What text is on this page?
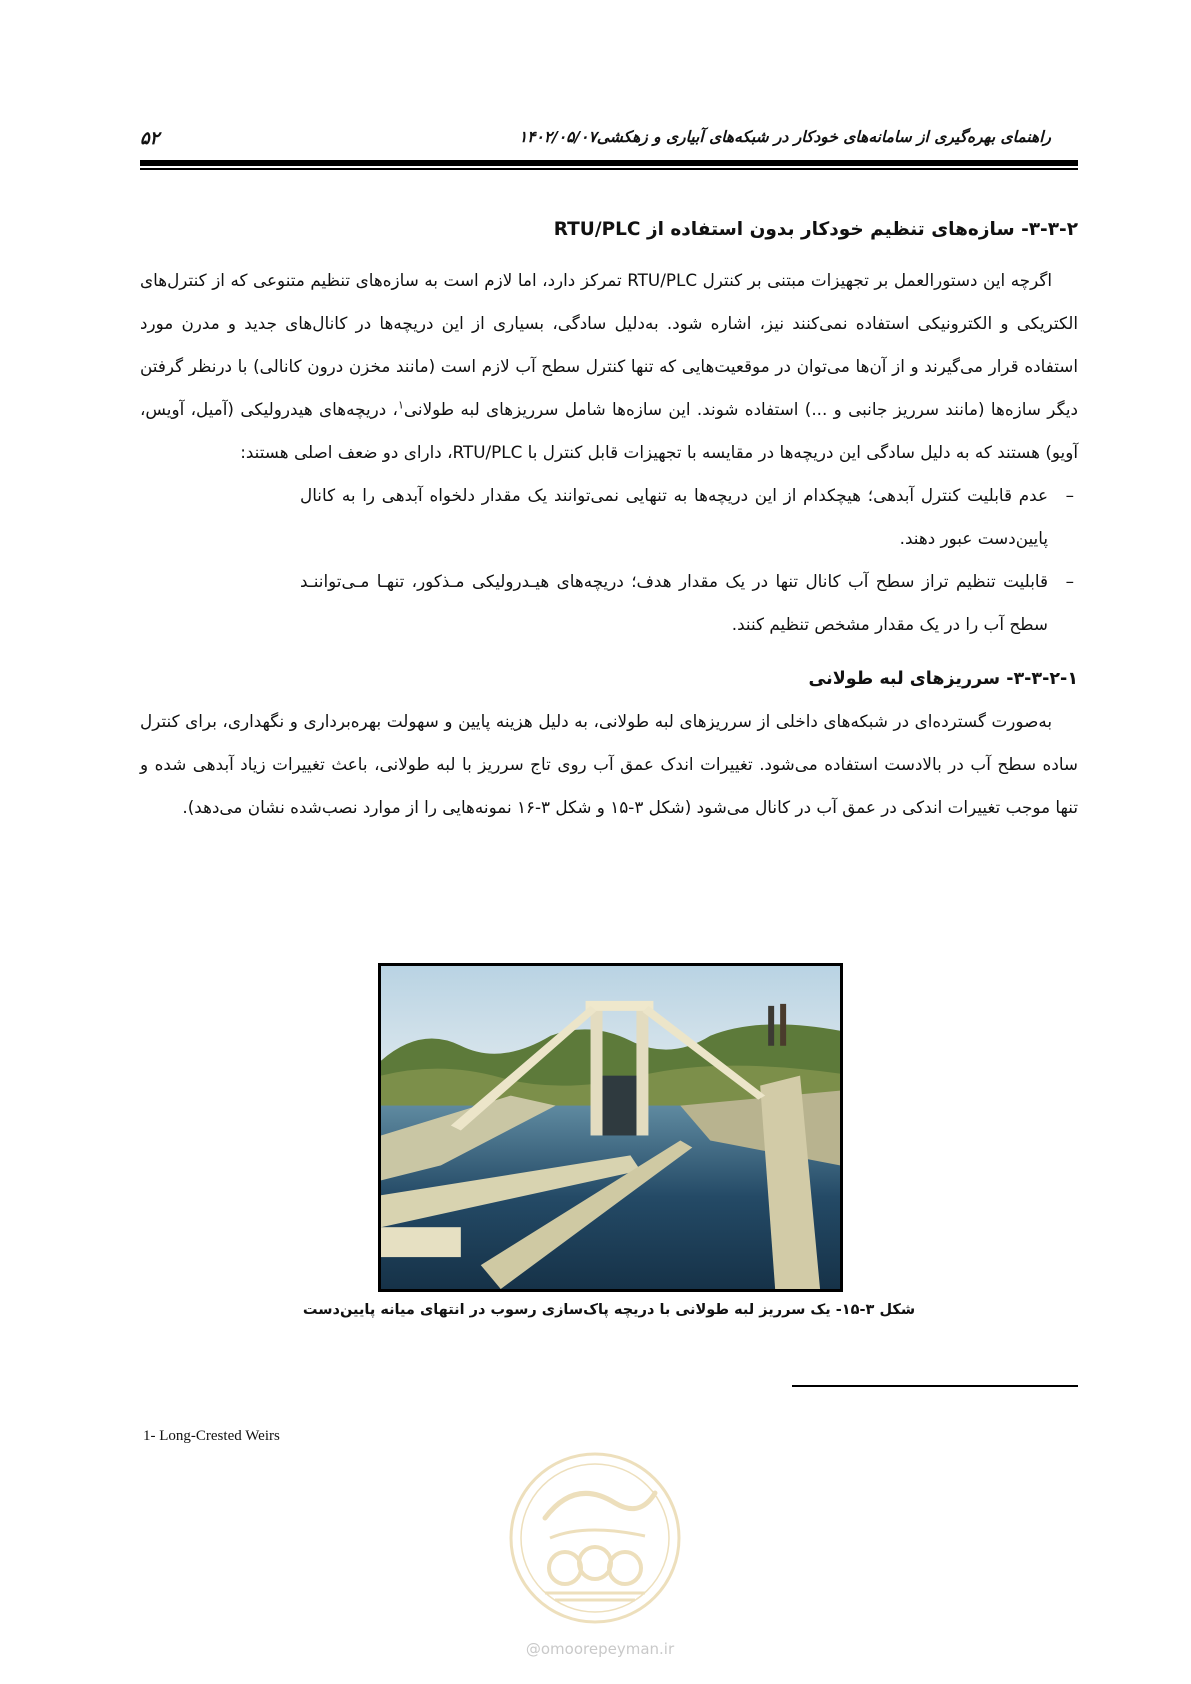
۵۲	راهنمای بهره‌گیری از سامانه‌های خودکار در شبکه‌های آبیاری و زهکشی۱۴۰۲/۰۵/۰۷
۳-۳-۲- سازه‌های تنظیم خودکار بدون استفاده از RTU/PLC

اگرچه این دستورالعمل بر تجهیزات مبتنی بر کنترل RTU/PLC تمرکز دارد، اما لازم است به سازه‌های تنظیم متنوعی که از کنترل‌های الکتریکی و الکترونیکی استفاده نمی‌کنند نیز، اشاره شود. به‌دلیل سادگی، بسیاری از این دریچه‌ها در کانال‌های جدید و مدرن مورد استفاده قرار می‌گیرند و از آن‌ها می‌توان در موقعیت‌هایی که تنها کنترل سطح آب لازم است (مانند مخزن درون کانالی) با درنظر گرفتن دیگر سازه‌ها (مانند سرریز جانبی و ...) استفاده شوند. این سازه‌ها شامل سرریزهای لبه طولانی$^۱$، دریچه‌های هیدرولیکی (آمیل، آویس، آویو) هستند که به دلیل سادگی این دریچه‌ها در مقایسه با تجهیزات قابل کنترل با RTU/PLC، دارای دو ضعف اصلی هستند:

– عدم قابلیت کنترل آبدهی؛ هیچکدام از این دریچه‌ها به تنهایی نمی‌توانند یک مقدار دلخواه آبدهی را به کانال پایین‌دست عبور دهند.
– قابلیت تنظیم تراز سطح آب کانال تنها در یک مقدار هدف؛ دریچه‌های هیـدرولیکی مـذکور، تنهـا مـی‌تواننـد سطح آب را در یک مقدار مشخص تنظیم کنند.
۳-۳-۲-۱- سرریزهای لبه طولانی

به‌صورت گسترده‌ای در شبکه‌های داخلی از سرریزهای لبه طولانی، به دلیل هزینه پایین و سهولت بهره‌برداری و نگهداری، برای کنترل ساده سطح آب در بالادست استفاده می‌شود. تغییرات اندک عمق آب روی تاج سرریز با لبه طولانی، باعث تغییرات زیاد آبدهی شده و تنها موجب تغییرات اندکی در عمق آب در کانال می‌شود (شکل ۳-۱۵ و شکل ۳-۱۶ نمونه‌هایی را از موارد نصب‌شده نشان می‌دهد).

شکل ۳-۱۵- یک سرریز لبه طولانی با دریچه پاک‌سازی رسوب در انتهای میانه پایین‌دست
1- Long-Crested Weirs
@omoorepeyman.ir
